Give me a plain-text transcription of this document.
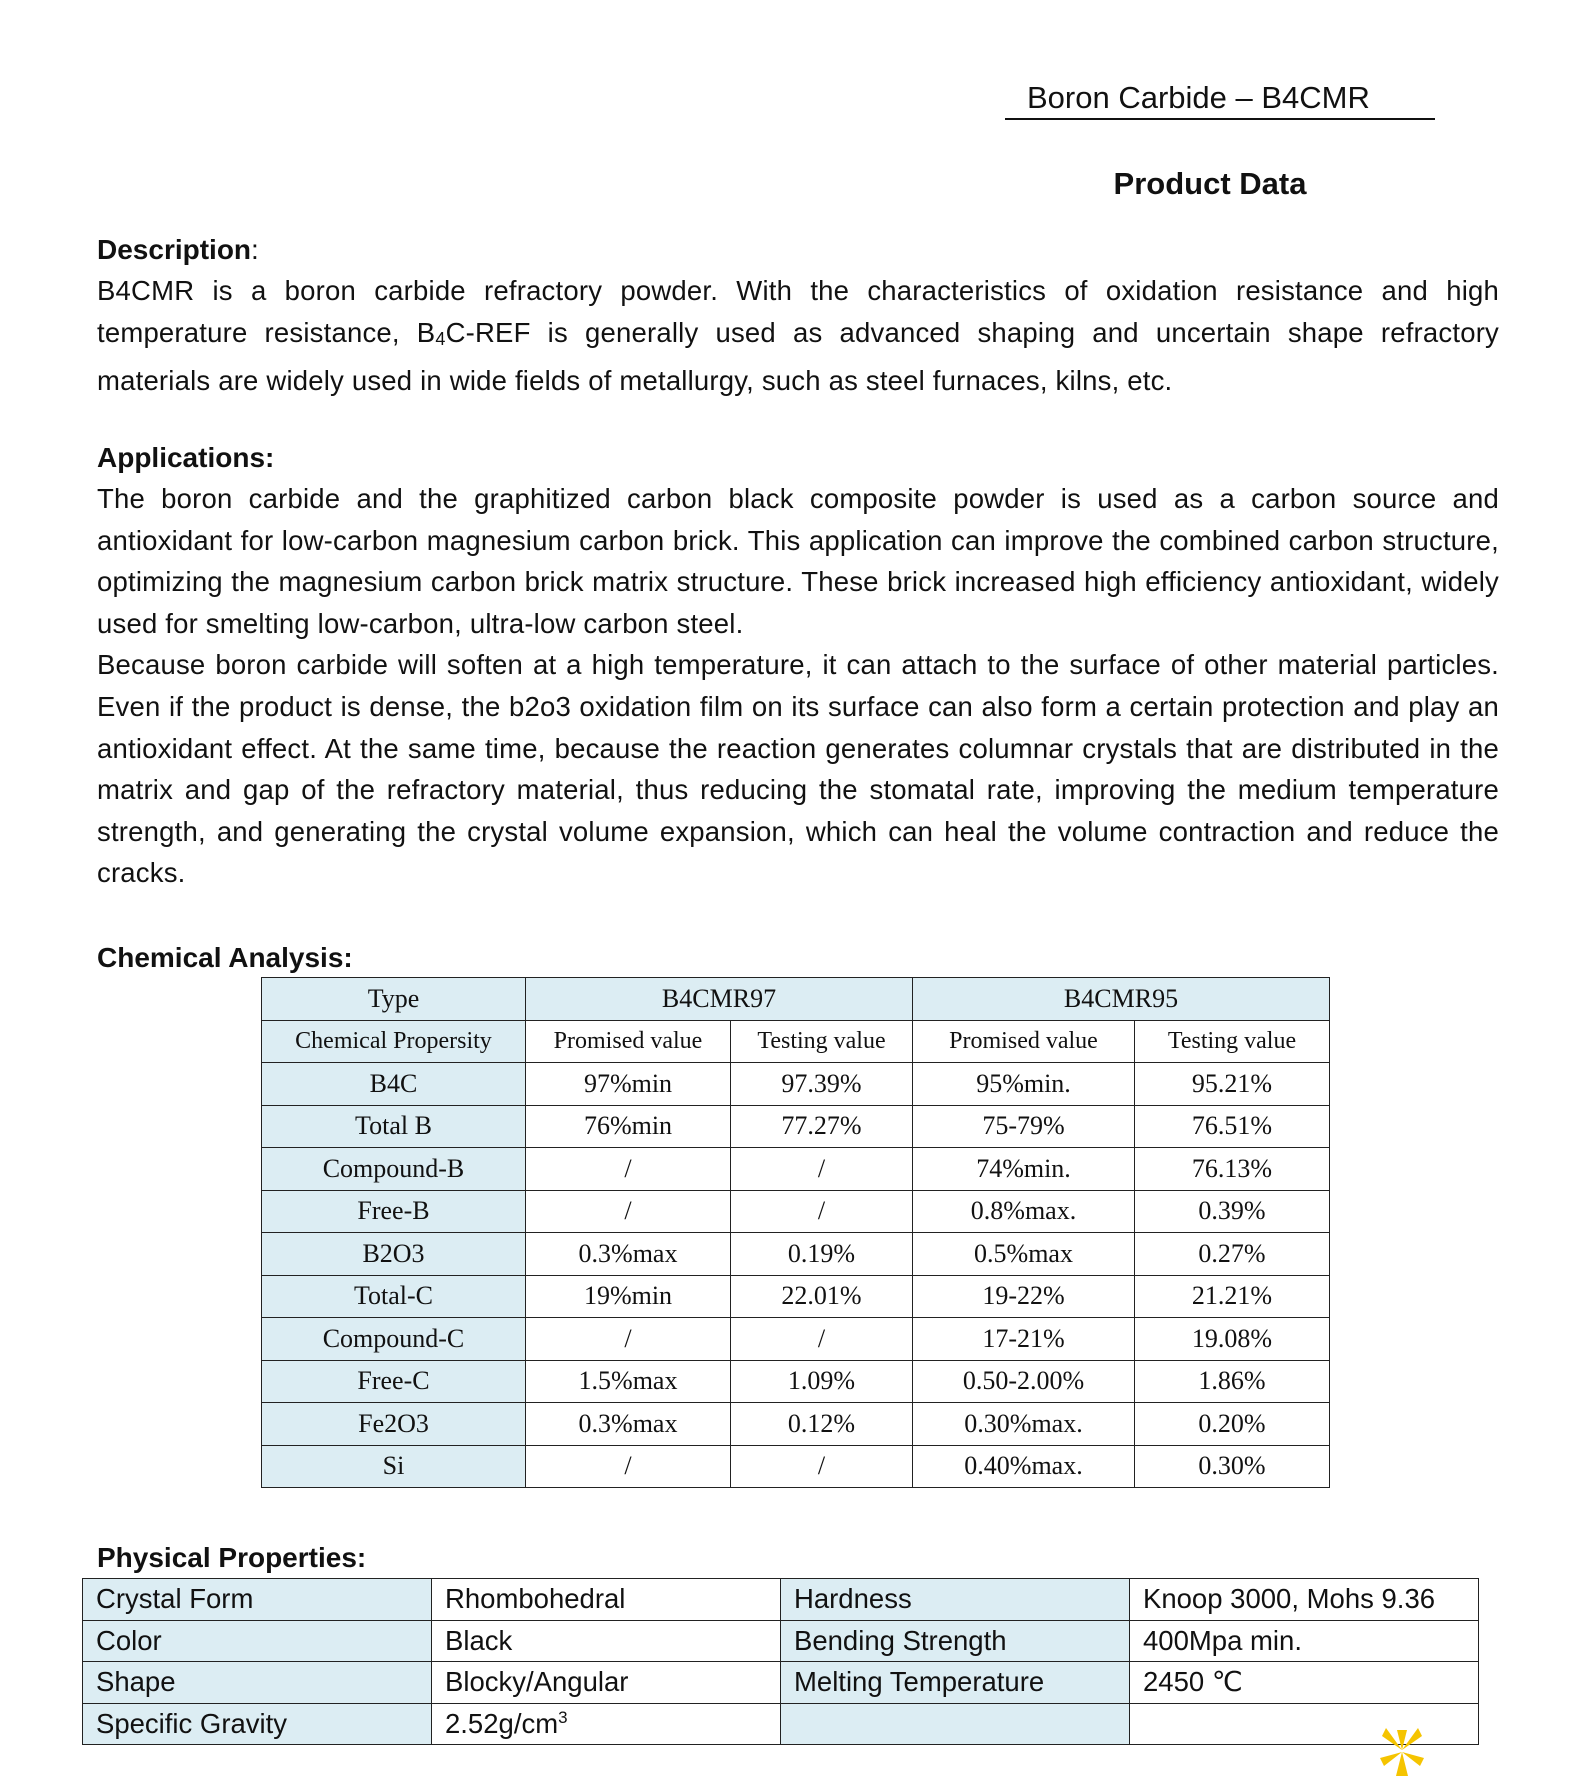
Boron Carbide – B4CMR
Product Data
Description:
B4CMR is a boron carbide refractory powder. With the characteristics of oxidation resistance and high temperature resistance, $B_4C$-REF is generally used as advanced shaping and uncertain shape refractory materials are widely used in wide fields of metallurgy, such as steel furnaces, kilns, etc.
Applications:
The boron carbide and the graphitized carbon black composite powder is used as a carbon source and antioxidant for low-carbon magnesium carbon brick. This application can improve the combined carbon structure, optimizing the magnesium carbon brick matrix structure. These brick increased high efficiency antioxidant, widely used for smelting low-carbon, ultra-low carbon steel.
Because boron carbide will soften at a high temperature, it can attach to the surface of other material particles. Even if the product is dense, the b2o3 oxidation film on its surface can also form a certain protection and play an antioxidant effect. At the same time, because the reaction generates columnar crystals that are distributed in the matrix and gap of the refractory material, thus reducing the stomatal rate, improving the medium temperature strength, and generating the crystal volume expansion, which can heal the volume contraction and reduce the cracks.
Chemical Analysis:
Type	B4CMR97		B4CMR95	
Chemical Propersity	Promised value	Testing value	Promised value	Testing value
B4C	97%min	97.39%	95%min.	95.21%
Total B	76%min	77.27%	75-79%	76.51%
Compound-B	/	/	74%min.	76.13%
Free-B	/	/	0.8%max.	0.39%
B2O3	0.3%max	0.19%	0.5%max	0.27%
Total-C	19%min	22.01%	19-22%	21.21%
Compound-C	/	/	17-21%	19.08%
Free-C	1.5%max	1.09%	0.50-2.00%	1.86%
Fe2O3	0.3%max	0.12%	0.30%max.	0.20%
Si	/	/	0.40%max.	0.30%
Physical Properties:
Crystal Form	Rhombohedral	Hardness	Knoop 3000, Mohs 9.36
Color	Black	Bending Strength	400Mpa min.
Shape	Blocky/Angular	Melting Temperature	2450 ℃
Specific Gravity	$2.52g/cm^3$		
